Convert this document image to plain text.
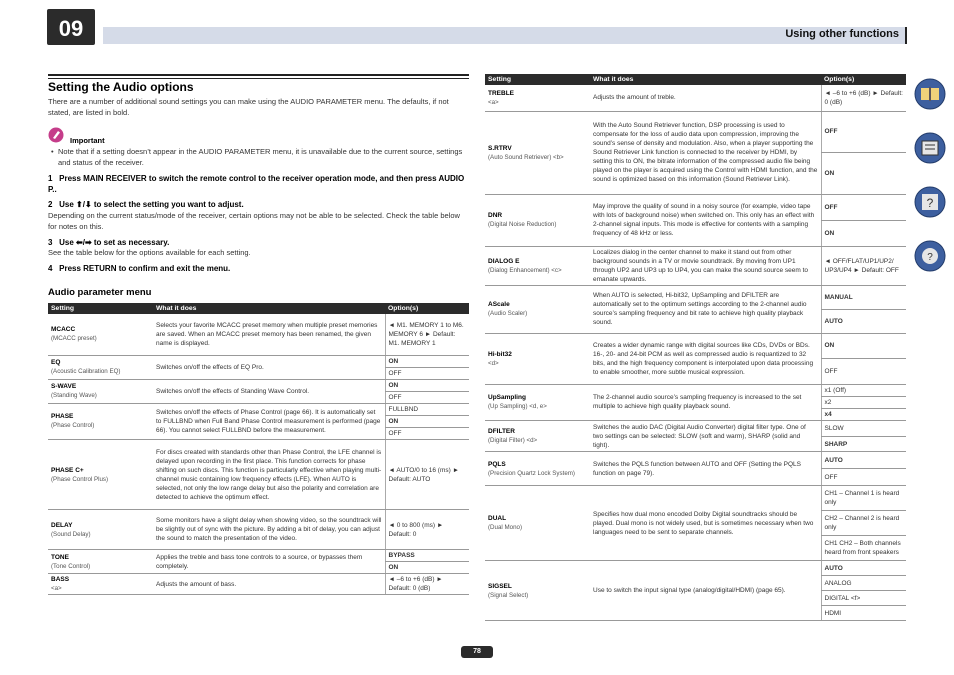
09	Using other functions
?
?
Setting the Audio options
There are a number of additional sound settings you can make using the AUDIO PARAMETER menu. The defaults, if not stated, are listed in bold.
Important
• Note that if a setting doesn’t appear in the AUDIO PARAMETER menu, it is unavailable due to the current source, settings and status of the receiver.
1 Press MAIN RECEIVER to switch the remote control to the receiver operation mode, and then press AUDIO P..
2 Use ⬆/⬇ to select the setting you want to adjust.
Depending on the current status/mode of the receiver, certain options may not be able to be selected. Check the table below for notes on this.
3 Use ⬅/➡ to set as necessary.
See the table below for the options available for each setting.
4 Press RETURN to confirm and exit the menu.
Audio parameter menu
Setting	What it does	Option(s)
MCACC
(MCACC preset)	Selects your favorite MCACC preset memory when multiple preset memories are saved. When an MCACC preset memory has been renamed, the given name is displayed.	◄ M1. MEMORY 1 to M6. MEMORY 6 ► Default: M1. MEMORY 1
EQ
(Acoustic Calibration EQ)	Switches on/off the effects of EQ Pro.	ON
		OFF
S-WAVE
(Standing Wave)	Switches on/off the effects of Standing Wave Control.	ON
		OFF
PHASE
(Phase Control)	Switches on/off the effects of Phase Control (page 66). It is automatically set to FULLBND when Full Band Phase Control measurement is performed (page 66). You cannot select FULLBND before the measurement.	FULLBND
		ON
		OFF
PHASE C+
(Phase Control Plus)	For discs created with standards other than Phase Control, the LFE channel is delayed upon recording in the first place. This function corrects for phase shifting on such discs. This function is particularly effective when playing multi-channel music containing low frequency effects (LFE). When AUTO is selected, not only the low range delay but also the polarity and correlation are detected to achieve the optimum effect.	◄ AUTO/0 to 16 (ms) ► Default: AUTO
DELAY
(Sound Delay)	Some monitors have a slight delay when showing video, so the soundtrack will be slightly out of sync with the picture. By adding a bit of delay, you can adjust the sound to match the presentation of the video.	◄ 0 to 800 (ms) ► Default: 0
TONE
(Tone Control)	Applies the treble and bass tone controls to a source, or bypasses them completely.	BYPASS
		ON
BASS
<a>	Adjusts the amount of bass.	◄ –6 to +6 (dB) ► Default: 0 (dB)
Setting	What it does	Option(s)
TREBLE
<a>	Adjusts the amount of treble.	◄ –6 to +6 (dB) ► Default: 0 (dB)
S.RTRV
(Auto Sound Retriever) <b>	With the Auto Sound Retriever function, DSP processing is used to compensate for the loss of audio data upon compression, improving the sound’s sense of density and modulation. Also, when a player supporting the Sound Retriever Link function is connected to the receiver by HDMI, by setting this to ON, the bitrate information of the compressed audio file being played on the player is acquired using the Control with HDMI function, and the sound is optimized based on this information (Sound Retriever Link).	OFF
		ON
DNR
(Digital Noise Reduction)	May improve the quality of sound in a noisy source (for example, video tape with lots of background noise) when switched on. This only has an effect with 2-channel signal inputs. This mode is effective for contents with a sampling frequency of 48 kHz or less.	OFF
		ON
DIALOG E
(Dialog Enhancement) <c>	Localizes dialog in the center channel to make it stand out from other background sounds in a TV or movie soundtrack. By moving from UP1 through UP2 and UP3 up to UP4, you can make the sound source seem to emanate upwards.	◄ OFF/FLAT/UP1/UP2/ UP3/UP4 ► Default: OFF
AScale
(Audio Scaler)	When AUTO is selected, Hi-bit32, UpSampling and DFILTER are automatically set to the optimum settings according to the 2-channel audio source’s sampling frequency and bit rate to achieve high quality playback sound.	MANUAL
		AUTO
Hi-bit32
<d>	Creates a wider dynamic range with digital sources like CDs, DVDs or BDs. 16-, 20- and 24-bit PCM as well as compressed audio is requantized to 32 bits, and the high frequency component is interpolated upon data processing to enable smoother, more subtle musical expression.	ON
		OFF
UpSampling
(Up Sampling) <d, e>	The 2-channel audio source’s sampling frequency is increased to the set multiple to achieve high quality playback sound.	x1 (Off)
		x2
		x4
DFILTER
(Digital Filter) <d>	Switches the audio DAC (Digital Audio Converter) digital filter type. One of two settings can be selected: SLOW (soft and warm), SHARP (solid and tight).	SLOW
		SHARP
PQLS
(Precision Quartz Lock System)	Switches the PQLS function between AUTO and OFF (Setting the PQLS function on page 79).	AUTO
		OFF
DUAL
(Dual Mono)	Specifies how dual mono encoded Dolby Digital soundtracks should be played. Dual mono is not widely used, but is sometimes necessary when two languages need to be sent to separate channels.	CH1 – Channel 1 is heard only
		CH2 – Channel 2 is heard only
		CH1 CH2 – Both channels heard from front speakers
SIGSEL
(Signal Select)	Use to switch the input signal type (analog/digital/HDMI) (page 65).	AUTO
		ANALOG
		DIGITAL <f>
		HDMI
78
